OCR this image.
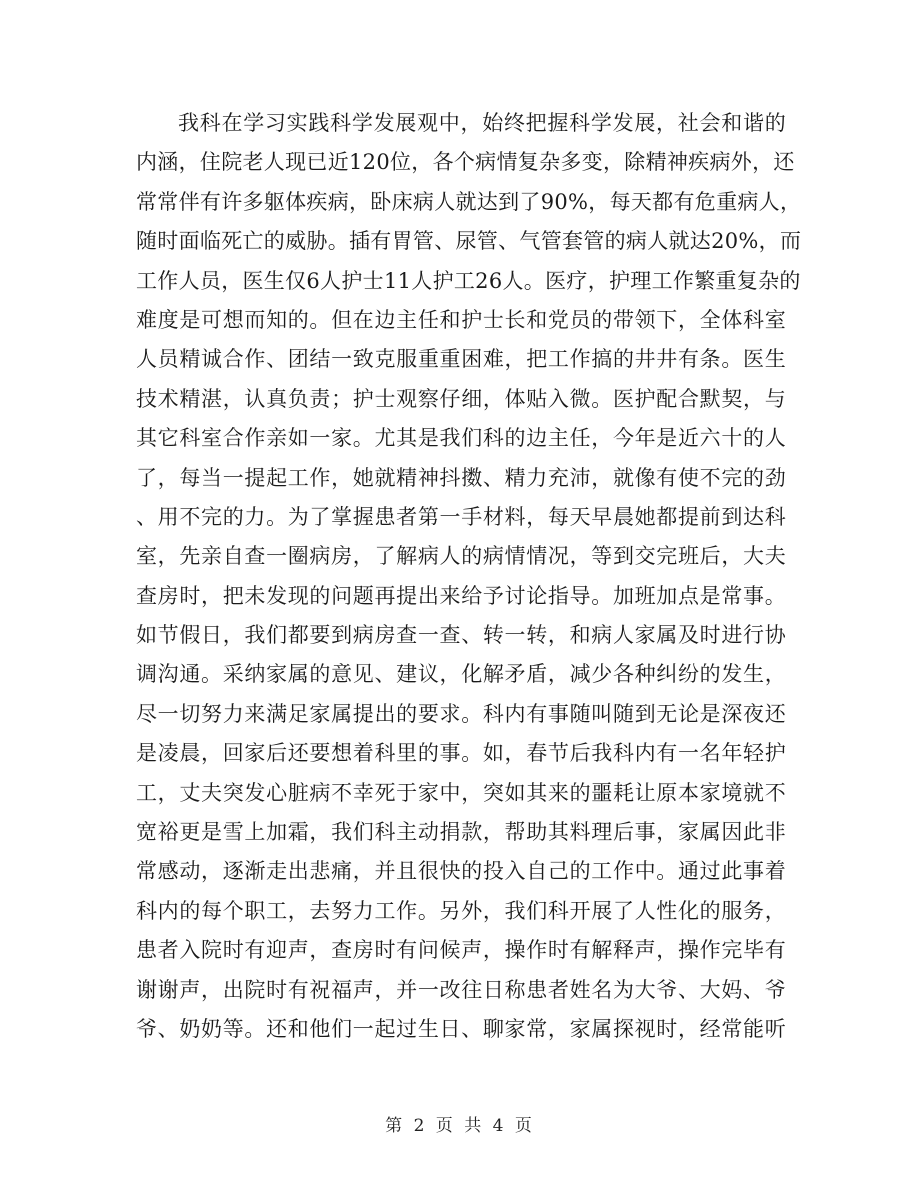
我科在学习实践科学发展观中，始终把握科学发展，社会和谐的
内涵，住院老人现已近120位，各个病情复杂多变，除精神疾病外，还
常常伴有许多躯体疾病，卧床病人就达到了90%，每天都有危重病人，
随时面临死亡的威胁。插有胃管、尿管、气管套管的病人就达20%，而
工作人员，医生仅6人护士11人护工26人。医疗，护理工作繁重复杂的
难度是可想而知的。但在边主任和护士长和党员的带领下，全体科室
人员精诚合作、团结一致克服重重困难，把工作搞的井井有条。医生
技术精湛，认真负责；护士观察仔细，体贴入微。医护配合默契，与
其它科室合作亲如一家。尤其是我们科的边主任，今年是近六十的人
了，每当一提起工作，她就精神抖擞、精力充沛，就像有使不完的劲
、用不完的力。为了掌握患者第一手材料，每天早晨她都提前到达科
室，先亲自查一圈病房，了解病人的病情情况，等到交完班后，大夫
查房时，把未发现的问题再提出来给予讨论指导。加班加点是常事。
如节假日，我们都要到病房查一查、转一转，和病人家属及时进行协
调沟通。采纳家属的意见、建议，化解矛盾，减少各种纠纷的发生，
尽一切努力来满足家属提出的要求。科内有事随叫随到无论是深夜还
是凌晨，回家后还要想着科里的事。如，春节后我科内有一名年轻护
工，丈夫突发心脏病不幸死于家中，突如其来的噩耗让原本家境就不
宽裕更是雪上加霜，我们科主动捐款，帮助其料理后事，家属因此非
常感动，逐渐走出悲痛，并且很快的投入自己的工作中。通过此事着
科内的每个职工，去努力工作。另外，我们科开展了人性化的服务，
患者入院时有迎声，查房时有问候声，操作时有解释声，操作完毕有
谢谢声，出院时有祝福声，并一改往日称患者姓名为大爷、大妈、爷
爷、奶奶等。还和他们一起过生日、聊家常，家属探视时，经常能听
第 2 页 共 4 页
